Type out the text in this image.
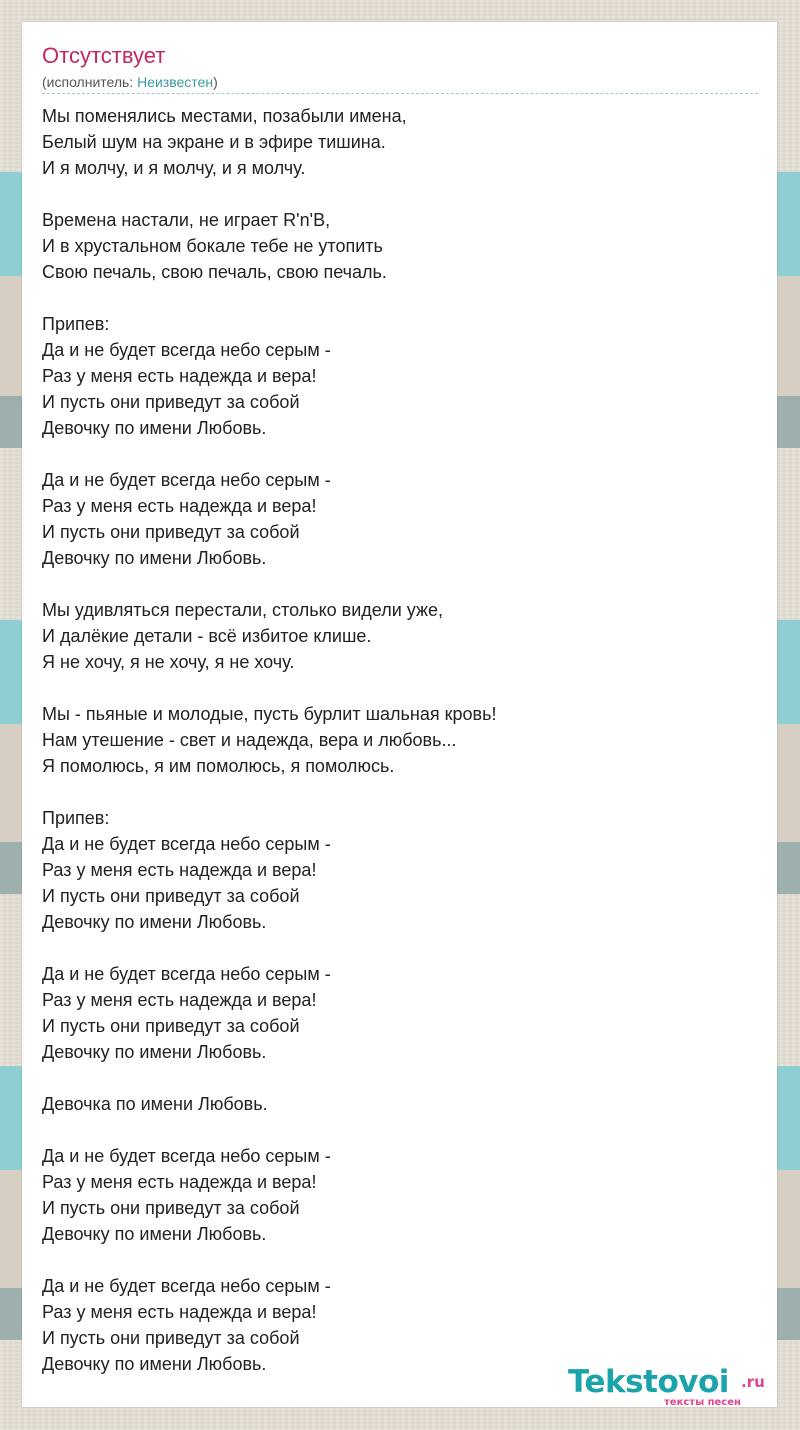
Отсутствует
(исполнитель: Неизвестен)
Мы поменялись местами, позабыли имена,
Белый шум на экране и в эфире тишина.
И я молчу, и я молчу, и я молчу.
Времена настали, не играет R'n'B,
И в хрустальном бокале тебе не утопить
Свою печаль, свою печаль, свою печаль.
Припев:
Да и не будет всегда небо серым -
Раз у меня есть надежда и вера!
И пусть они приведут за собой
Девочку по имени Любовь.
Да и не будет всегда небо серым -
Раз у меня есть надежда и вера!
И пусть они приведут за собой
Девочку по имени Любовь.
Мы удивляться перестали, столько видели уже,
И далёкие детали - всё избитое клише.
Я не хочу, я не хочу, я не хочу.
Мы - пьяные и молодые, пусть бурлит шальная кровь!
Нам утешение - свет и надежда, вера и любовь...
Я помолюсь, я им помолюсь, я помолюсь.
Припев:
Да и не будет всегда небо серым -
Раз у меня есть надежда и вера!
И пусть они приведут за собой
Девочку по имени Любовь.
Да и не будет всегда небо серым -
Раз у меня есть надежда и вера!
И пусть они приведут за собой
Девочку по имени Любовь.
Девочка по имени Любовь.
Да и не будет всегда небо серым -
Раз у меня есть надежда и вера!
И пусть они приведут за собой
Девочку по имени Любовь.
Да и не будет всегда небо серым -
Раз у меня есть надежда и вера!
И пусть они приведут за собой
Девочку по имени Любовь.	Tekstovoi .ru
тексты песен
